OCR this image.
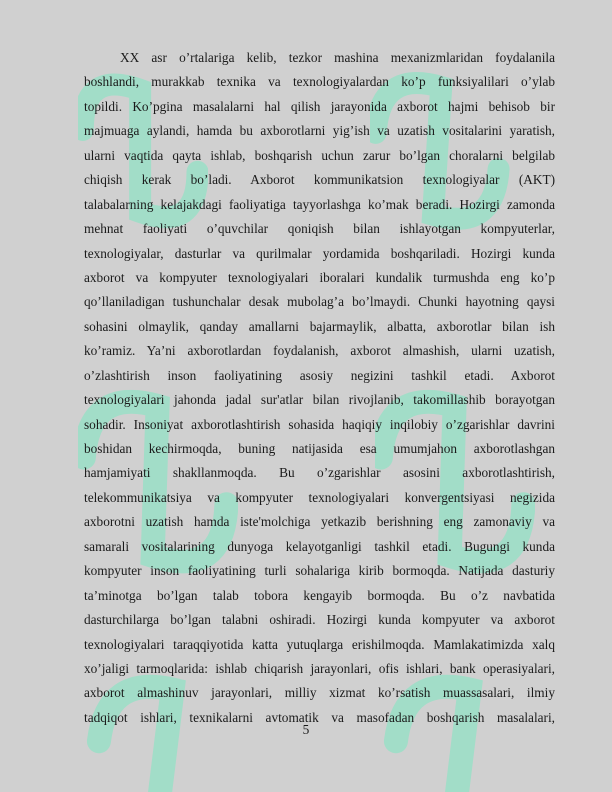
XX asr o’rtalariga kelib, tezkor mashina mexanizmlaridan foydalanila
boshlandi, murakkab texnika va texnologiyalardan ko’p funksiyalilari o’ylab
topildi. Ko’pgina masalalarni hal qilish jarayonida axborot hajmi behisob bir
majmuaga aylandi, hamda bu axborotlarni yig’ish va uzatish vositalarini yaratish,
ularni vaqtida qayta ishlab, boshqarish uchun zarur bo’lgan choralarni belgilab
chiqish kerak bo’ladi. Axborot kommunikatsion texnologiyalar (AKT)
talabalarning kelajakdagi faoliyatiga tayyorlashga ko’mak beradi. Hozirgi zamonda
mehnat faoliyati o’quvchilar qoniqish bilan ishlayotgan kompyuterlar,
texnologiyalar, dasturlar va qurilmalar yordamida boshqariladi. Hozirgi kunda
axborot va kompyuter texnologiyalari iboralari kundalik turmushda eng ko’p
qo’llaniladigan tushunchalar desak mubolag’a bo’lmaydi. Chunki hayotning qaysi
sohasini olmaylik, qanday amallarni bajarmaylik, albatta, axborotlar bilan ish
ko’ramiz. Ya’ni axborotlardan foydalanish, axborot almashish, ularni uzatish,
o’zlashtirish inson faoliyatining asosiy negizini tashkil etadi. Axborot
texnologiyalari jahonda jadal sur'atlar bilan rivojlanib, takomillashib borayotgan
sohadir. Insoniyat axborotlashtirish sohasida haqiqiy inqilobiy o’zgarishlar davrini
boshidan kechirmoqda, buning natijasida esa umumjahon axborotlashgan
hamjamiyati shakllanmoqda. Bu o’zgarishlar asosini axborotlashtirish,
telekommunikatsiya va kompyuter texnologiyalari konvergentsiyasi negizida
axborotni uzatish hamda iste'molchiga yetkazib berishning eng zamonaviy va
samarali vositalarining dunyoga kelayotganligi tashkil etadi. Bugungi kunda
kompyuter inson faoliyatining turli sohalariga kirib bormoqda. Natijada dasturiy
ta’minotga bo’lgan talab tobora kengayib bormoqda. Bu o’z navbatida
dasturchilarga bo’lgan talabni oshiradi. Hozirgi kunda kompyuter va axborot
texnologiyalari taraqqiyotida katta yutuqlarga erishilmoqda. Mamlakatimizda xalq
xo’jaligi tarmoqlarida: ishlab chiqarish jarayonlari, ofis ishlari, bank operasiyalari,
axborot almashinuv jarayonlari, milliy xizmat ko’rsatish muassasalari, ilmiy
tadqiqot ishlari, texnikalarni avtomatik va masofadan boshqarish masalalari,
5
